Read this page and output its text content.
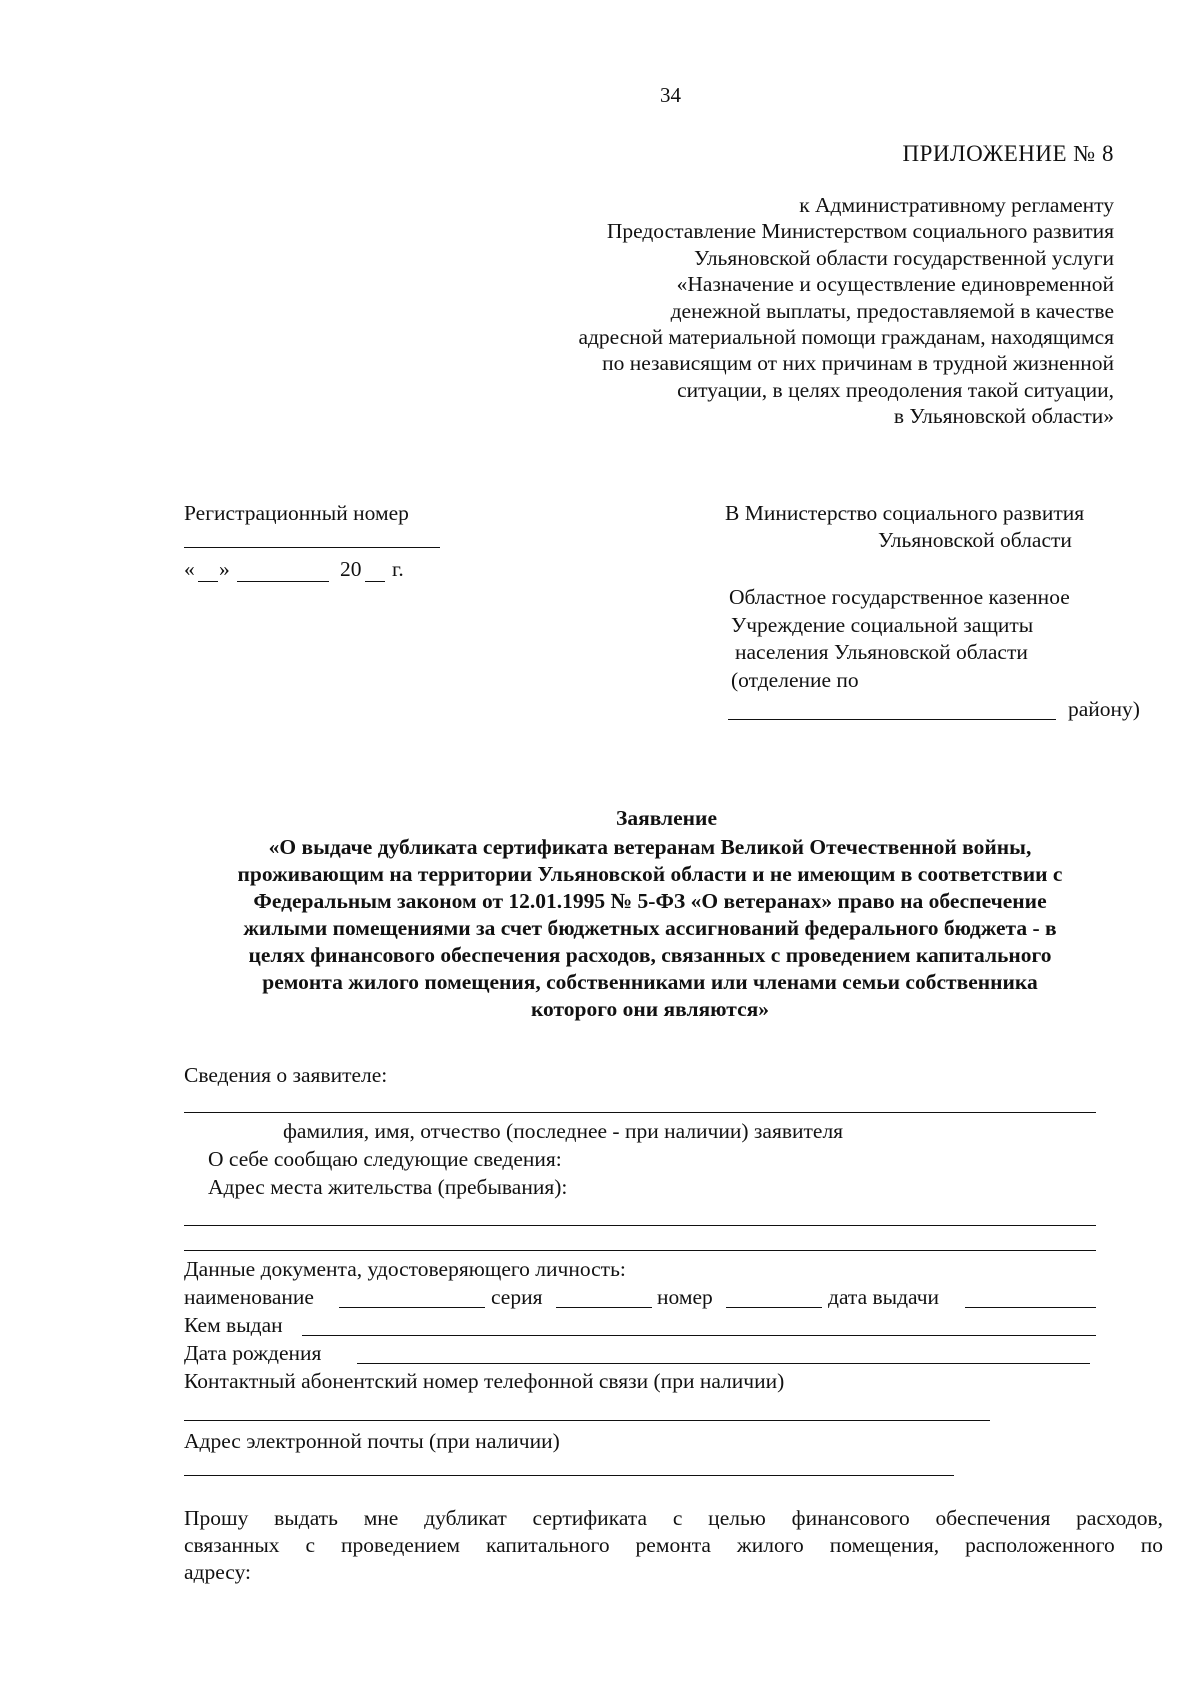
34
ПРИЛОЖЕНИЕ № 8
к Административному регламенту
Предоставление Министерством социального развития
Ульяновской области государственной услуги
«Назначение и осуществление единовременной
денежной выплаты, предоставляемой в качестве
адресной материальной помощи гражданам, находящимся
по независящим от них причинам в трудной жизненной
ситуации, в целях преодоления такой ситуации,
в Ульяновской области»
Регистрационный номер
« »	20 г.
В Министерство социального развития
Ульяновской области
Областное государственное казенное
Учреждение социальной защиты
населения Ульяновской области
(отделение по
району)
Заявление
«О выдаче дубликата сертификата ветеранам Великой Отечественной войны,
проживающим на территории Ульяновской области и не имеющим в соответствии с
Федеральным законом от 12.01.1995 № 5-ФЗ «О ветеранах» право на обеспечение
жилыми помещениями за счет бюджетных ассигнований федерального бюджета - в
целях финансового обеспечения расходов, связанных с проведением капитального
ремонта жилого помещения, собственниками или членами семьи собственника
которого они являются»
Сведения о заявителе:
фамилия, имя, отчество (последнее - при наличии) заявителя
О себе сообщаю следующие сведения:
Адрес места жительства (пребывания):
Данные документа, удостоверяющего личность:
наименование	серия	номер	дата выдачи
Кем выдан
Дата рождения
Контактный абонентский номер телефонной связи (при наличии)
Адрес электронной почты (при наличии)
Прошу выдать мне дубликат сертификата с целью финансового обеспечения расходов,
связанных с проведением капитального ремонта жилого помещения, расположенного по
адресу:
